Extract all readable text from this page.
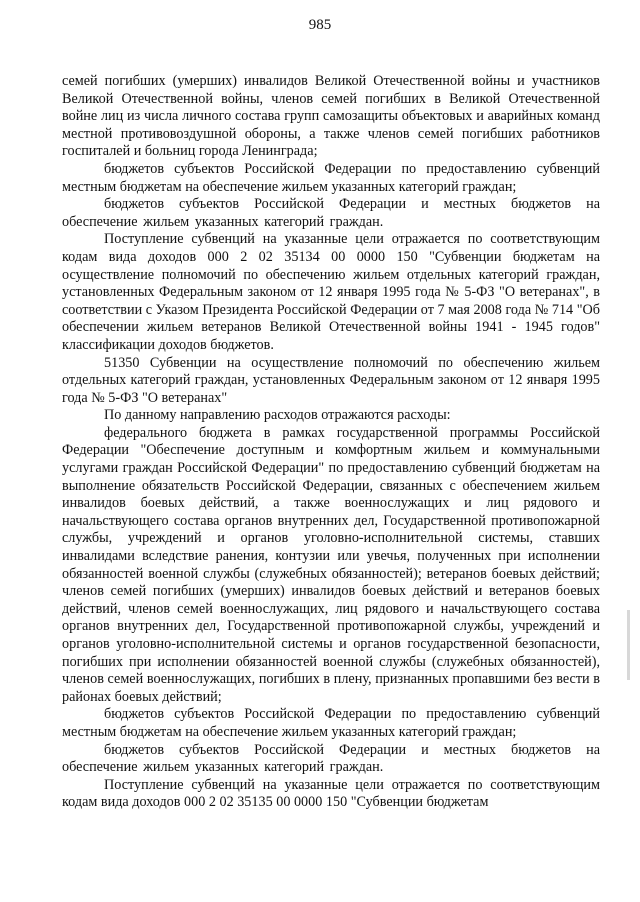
985

семей погибших (умерших) инвалидов Великой Отечественной войны и участников Великой Отечественной войны, членов семей погибших в Великой Отечественной войне лиц из числа личного состава групп самозащиты объектовых и аварийных команд местной противовоздушной обороны, а также членов семей погибших работников госпиталей и больниц города Ленинграда;

бюджетов субъектов Российской Федерации по предоставлению субвенций местным бюджетам на обеспечение жильем указанных категорий граждан;

бюджетов субъектов Российской Федерации и местных бюджетов на обеспечение жильем указанных категорий граждан.

Поступление субвенций на указанные цели отражается по соответствующим кодам вида доходов 000 2 02 35134 00 0000 150 "Субвенции бюджетам на осуществление полномочий по обеспечению жильем отдельных категорий граждан, установленных Федеральным законом от 12 января 1995 года № 5-ФЗ "О ветеранах", в соответствии с Указом Президента Российской Федерации от 7 мая 2008 года № 714 "Об обеспечении жильем ветеранов Великой Отечественной войны 1941 - 1945 годов" классификации доходов бюджетов.

51350 Субвенции на осуществление полномочий по обеспечению жильем отдельных категорий граждан, установленных Федеральным законом от 12 января 1995 года № 5-ФЗ "О ветеранах"

По данному направлению расходов отражаются расходы:

федерального бюджета в рамках государственной программы Российской Федерации "Обеспечение доступным и комфортным жильем и коммунальными услугами граждан Российской Федерации" по предоставлению субвенций бюджетам на выполнение обязательств Российской Федерации, связанных с обеспечением жильем инвалидов боевых действий, а также военнослужащих и лиц рядового и начальствующего состава органов внутренних дел, Государственной противопожарной службы, учреждений и органов уголовно-исполнительной системы, ставших инвалидами вследствие ранения, контузии или увечья, полученных при исполнении обязанностей военной службы (служебных обязанностей); ветеранов боевых действий; членов семей погибших (умерших) инвалидов боевых действий и ветеранов боевых действий, членов семей военнослужащих, лиц рядового и начальствующего состава органов внутренних дел, Государственной противопожарной службы, учреждений и органов уголовно-исполнительной системы и органов государственной безопасности, погибших при исполнении обязанностей военной службы (служебных обязанностей), членов семей военнослужащих, погибших в плену, признанных пропавшими без вести в районах боевых действий;

бюджетов субъектов Российской Федерации по предоставлению субвенций местным бюджетам на обеспечение жильем указанных категорий граждан;

бюджетов субъектов Российской Федерации и местных бюджетов на обеспечение жильем указанных категорий граждан.

Поступление субвенций на указанные цели отражается по соответствующим кодам вида доходов 000 2 02 35135 00 0000 150 "Субвенции бюджетам
